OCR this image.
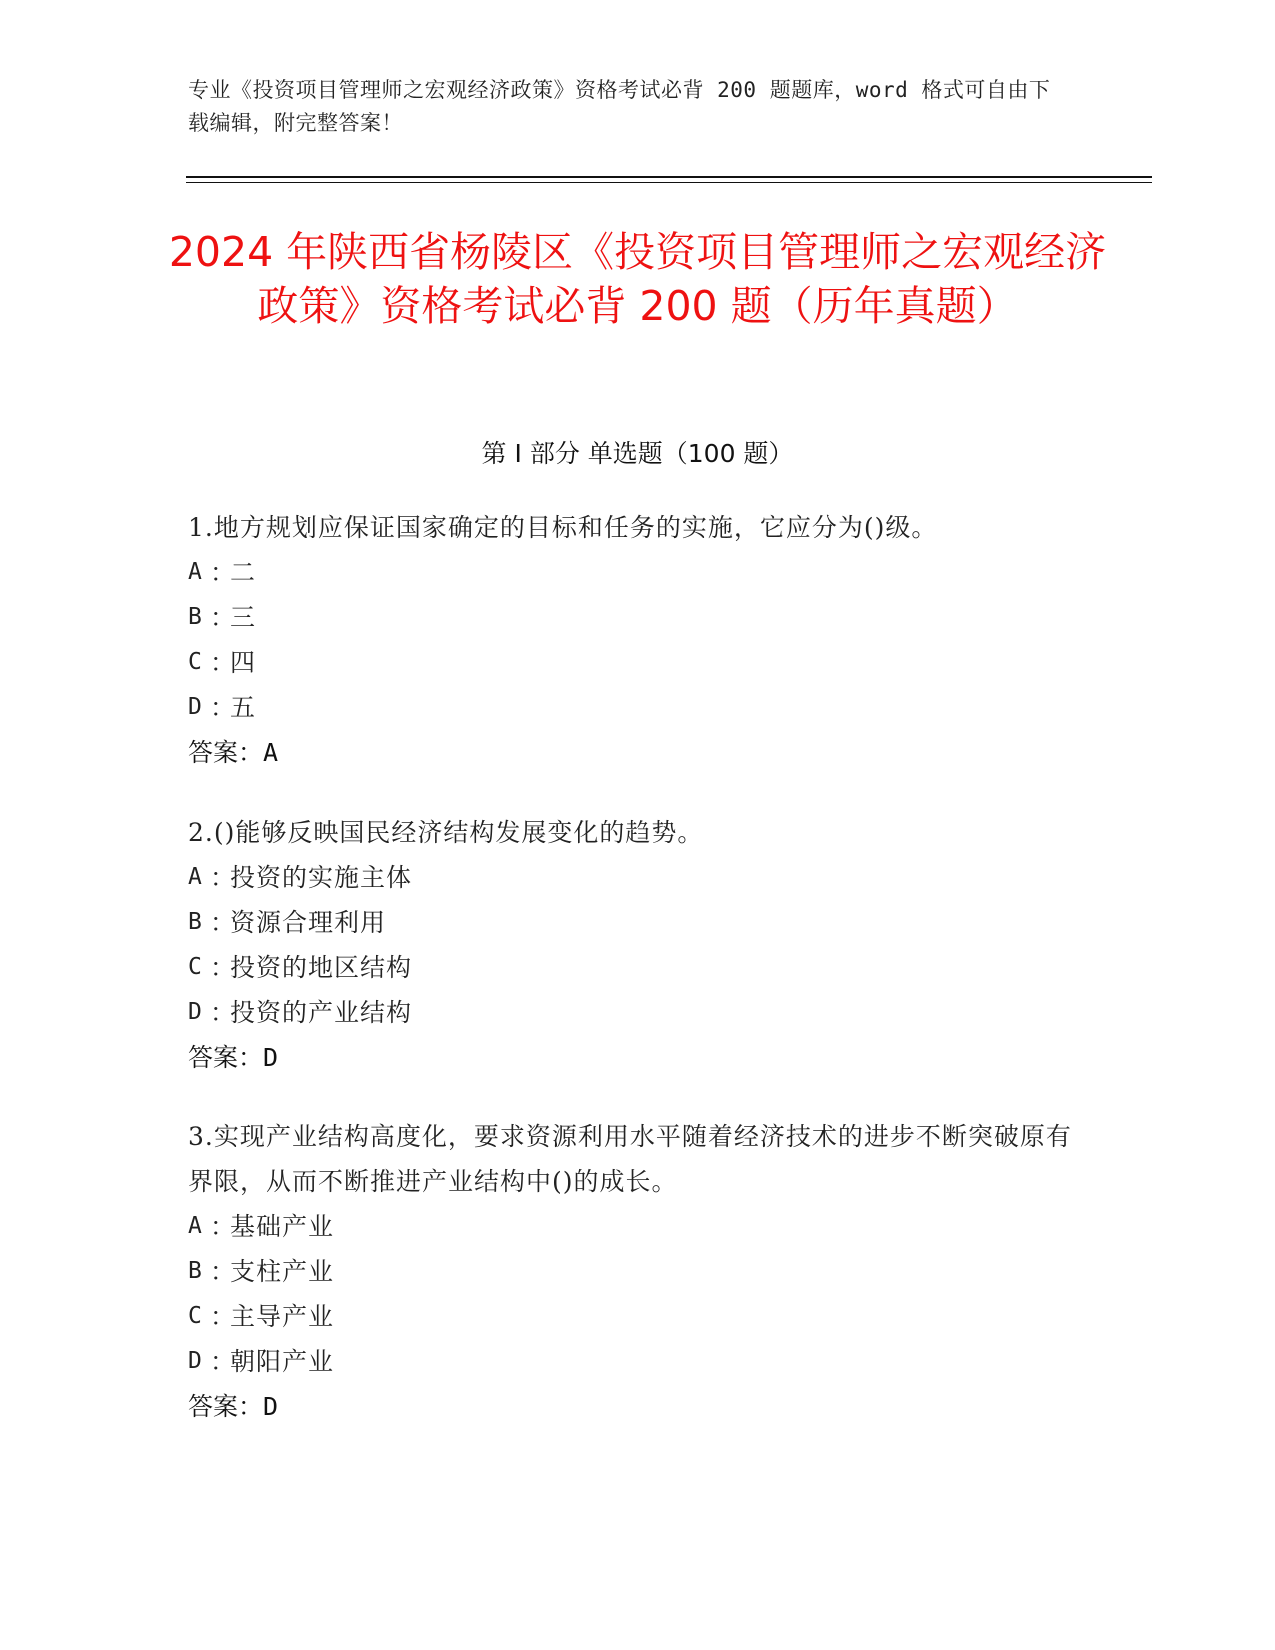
专业《投资项目管理师之宏观经济政策》资格考试必背 200 题题库，word 格式可自由下载编辑，附完整答案！
2024 年陕西省杨陵区《投资项目管理师之宏观经济政策》资格考试必背 200 题（历年真题）
第 I 部分 单选题（100 题）
1.地方规划应保证国家确定的目标和任务的实施，它应分为()级。
A ：
二
B ：
三
C ：
四
D ：
五
答案：A
2.()能够反映国民经济结构发展变化的趋势。
A ：
投资的实施主体
B ：
资源合理利用
C ：
投资的地区结构
D ：
投资的产业结构
答案：D
3.实现产业结构高度化，要求资源利用水平随着经济技术的进步不断突破原有界限，从而不断推进产业结构中()的成长。
A ：
基础产业
B ：
支柱产业
C ：
主导产业
D ：
朝阳产业
答案：D
